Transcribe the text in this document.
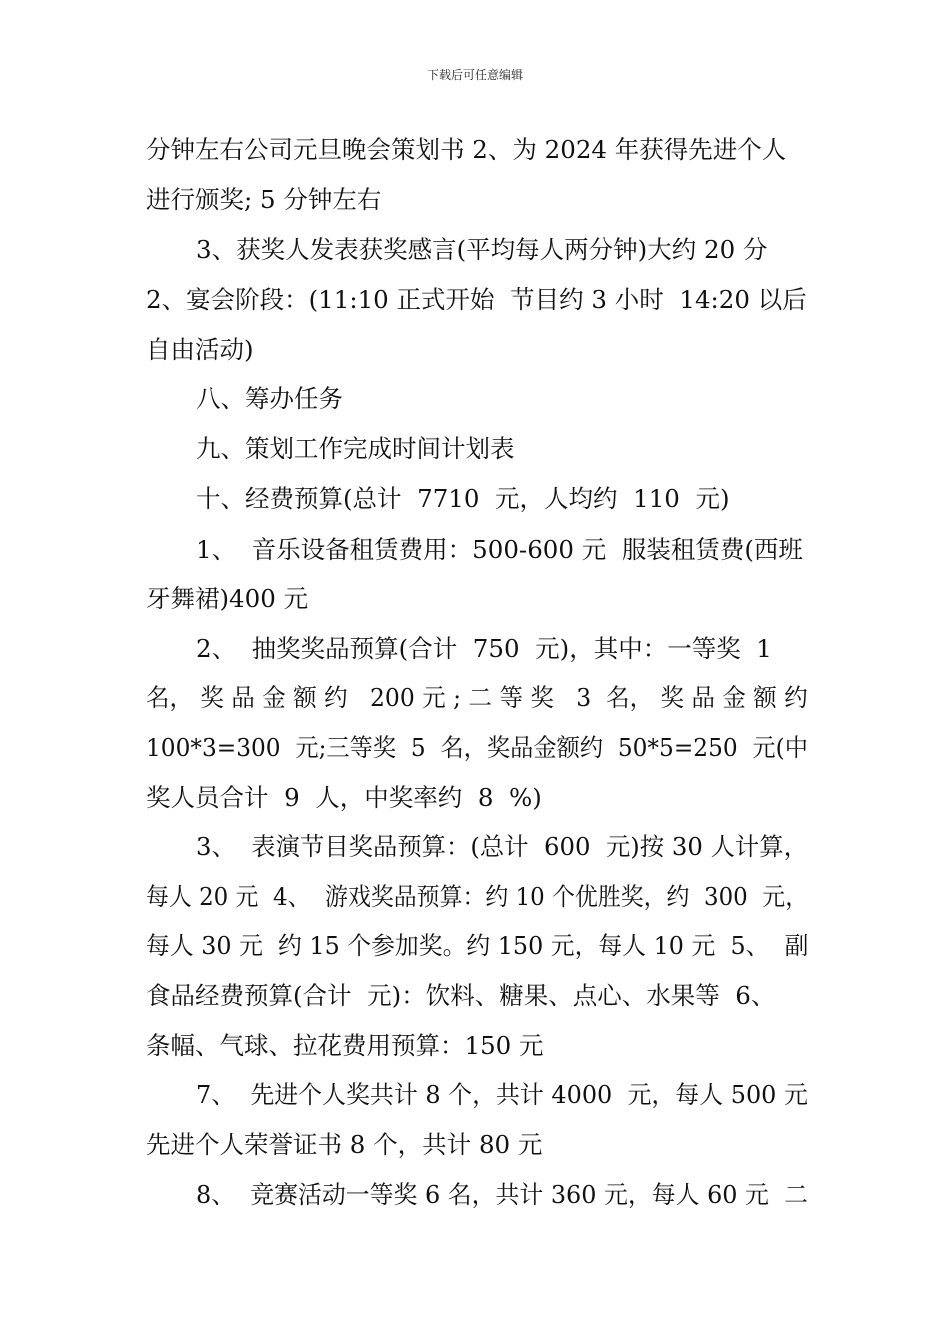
下载后可任意编辑
分钟左右公司元旦晚会策划书 2、为 2024 年获得先进个人
进行颁奖; 5 分钟左右
3、获奖人发表获奖感言(平均每人两分钟)大约 20 分
2、宴会阶段：(11:10 正式开始  节目约 3 小时  14:20 以后
自由活动)
八、筹办任务
九、策划工作完成时间计划表
十、经费预算(总计  7710  元，人均约  110  元)
1、  音乐设备租赁费用：500-600 元  服装租赁费(西班
牙舞裙)400 元
2、  抽奖奖品预算(合计  750  元)，其中：一等奖  1
名， 奖 品 金 额 约   200 元 ; 二 等 奖   3  名， 奖 品 金 额 约
100*3=300  元;三等奖  5  名，奖品金额约  50*5=250  元(中
奖人员合计  9  人，中奖率约  8  %)
3、  表演节目奖品预算：(总计  600  元)按 30 人计算，
每人 20 元  4、  游戏奖品预算：约 10 个优胜奖，约  300  元，
每人 30 元  约 15 个参加奖。约 150 元，每人 10 元  5、  副
食品经费预算(合计  元)：饮料、糖果、点心、水果等  6、
条幅、气球、拉花费用预算：150 元
7、  先进个人奖共计 8 个，共计 4000  元，每人 500 元
先进个人荣誉证书 8 个，共计 80 元
8、  竞赛活动一等奖 6 名，共计 360 元，每人 60 元  二
